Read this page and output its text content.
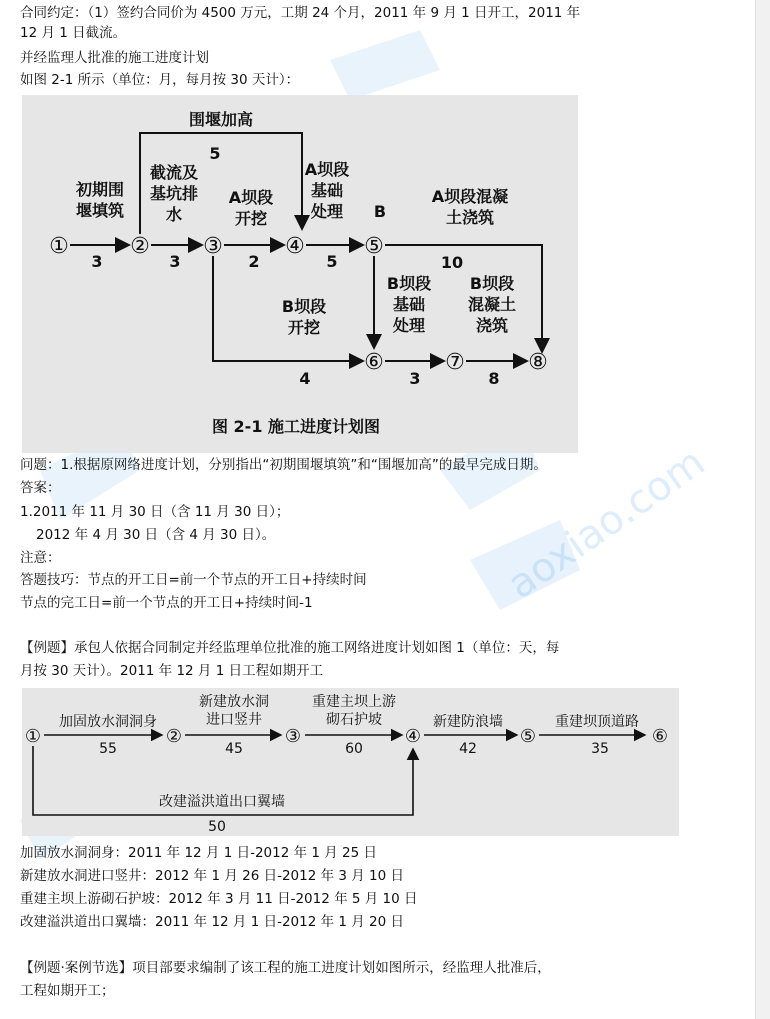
aoxiao.com
合同约定：（1）签约合同价为 4500 万元，工期 24 个月，2011 年 9 月 1 日开工，2011 年
12 月 1 日截流。
并经监理人批准的施工进度计划
如图 2-1 所示（单位：月，每月按 30 天计）：
问题：1.根据原网络进度计划，分别指出“初期围堰填筑”和“围堰加高”的最早完成日期。
答案：
1.2011 年 11 月 30 日（含 11 月 30 日）；
2012 年 4 月 30 日（含 4 月 30 日）。
注意：
答题技巧：节点的开工日=前一个节点的开工日+持续时间
节点的完工日=前一个节点的开工日+持续时间-1
【例题】承包人依据合同制定并经监理单位批准的施工网络进度计划如图 1（单位：天，每
月按 30 天计）。2011 年 12 月 1 日工程如期开工
加固放水洞洞身：2011 年 12 月 1 日-2012 年 1 月 25 日
新建放水洞进口竖井：2012 年 1 月 26 日-2012 年 3 月 10 日
重建主坝上游砌石护坡：2012 年 3 月 11 日-2012 年 5 月 10 日
改建溢洪道出口翼墙：2011 年 12 月 1 日-2012 年 1 月 20 日
【例题·案例节选】项目部要求编制了该工程的施工进度计划如图所示，经监理人批准后，
工程如期开工；
①	② ③	④	⑤
⑥	⑦	⑧
初期围
堰填筑
3
截流及
基坑排
水
3
围堰加高
5
A坝段
开挖
2
A坝段
基础
处理
5
B
A坝段混凝
土浇筑
10
B坝段
开挖
4
B坝段
基础
处理
3
B坝段
混凝土
浇筑
8
图 2-1 施工进度计划图
①	②	③	④	⑤	⑥
加固放水洞洞身
55
新建放水洞
进口竖井
45
重建主坝上游
砌石护坡
60
新建防浪墙
42
重建坝顶道路
35
改建溢洪道出口翼墙
50
